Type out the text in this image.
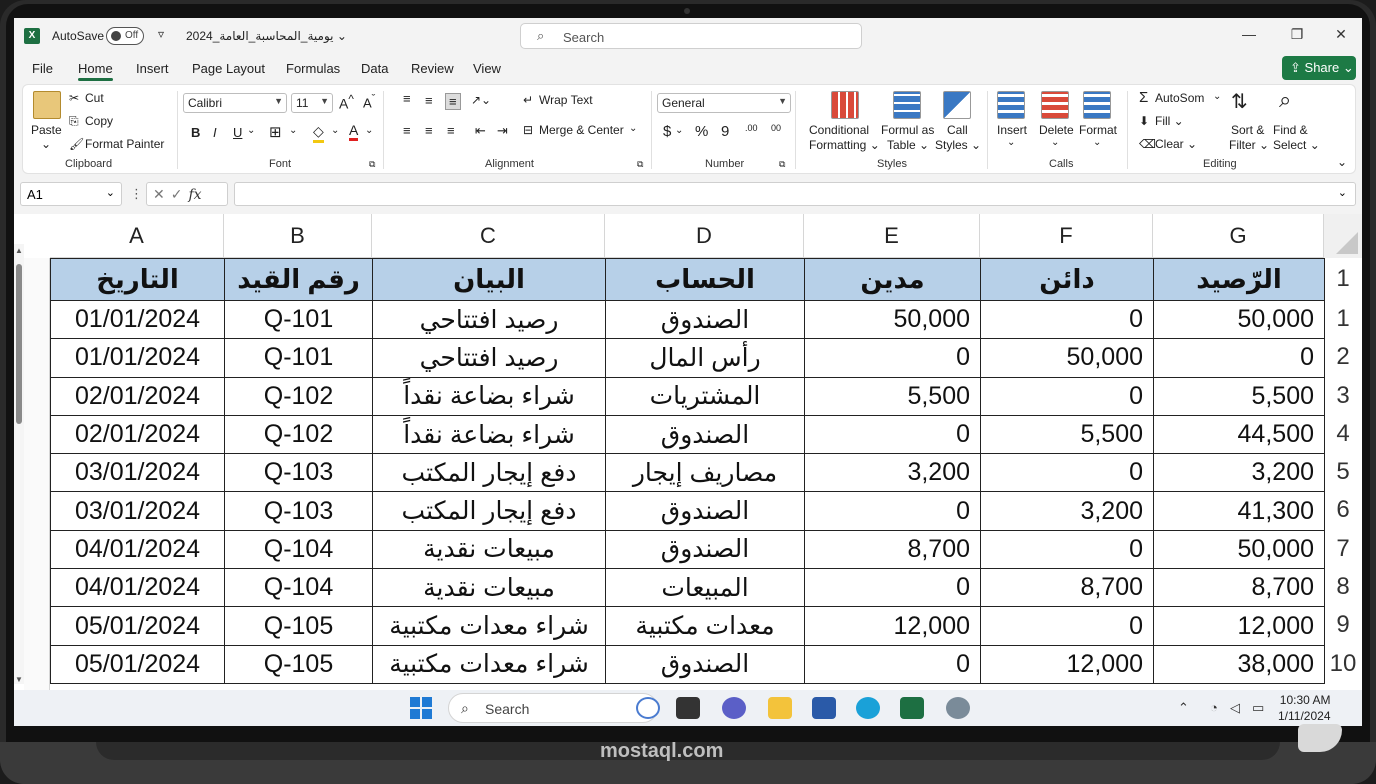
X	AutoSave Off ▿ يومية_المحاسبة_العامة_2024 ⌄	⌕ Search	—	❐	✕
File Home Insert Page Layout Formulas Data Review View	⇪ Share ⌄
Paste
⌄
✂ Cut
⎘ Copy
🖌 Format Painter
Clipboard
Calibri	▼	11 ▼ A^ $A^ˇ$
B I U ⌄ ⊞ ⌄ ◇ ⌄ A ⌄
Font	⧉
≡ ≡	≡	↗⌄
≡ ≡ ≡ ⇤ ⇥
↵ Wrap Text
⊟ Merge & Center ⌄
Alignment	⧉
General	▼
$ ⌄ % 9 .00 00
Number	⧉
Conditional
Formatting ⌄
Formul as
Table ⌄
Call
Styles ⌄
Styles
Insert
⌄
Delete
⌄
Format
⌄
Calls
Σ AutoSom ⌄
⬇ Fill ⌄
⌫ Clear ⌄
⇅
Sort &
Filter ⌄
⌕
Find &
Select ⌄
Editing	⌄
A1	⌄ ⋮ ✕✓fx	⌄
▲
▼
A	B	C	D	E	F	G
التاريخ	رقم القيد	البيان	الحساب	مدين	دائن	الرّصيد
01/01/2024	Q-101	رصيد افتتاحي	الصندوق	50,000	0	50,000
01/01/2024	Q-101	رصيد افتتاحي	رأس المال	0	50,000	0
02/01/2024	Q-102	شراء بضاعة نقداً	المشتريات	5,500	0	5,500
02/01/2024	Q-102	شراء بضاعة نقداً	الصندوق	0	5,500	44,500
03/01/2024	Q-103	دفع إيجار المكتب	مصاريف إيجار	3,200	0	3,200
03/01/2024	Q-103	دفع إيجار المكتب	الصندوق	0	3,200	41,300
04/01/2024	Q-104	مبيعات نقدية	الصندوق	8,700	0	50,000
04/01/2024	Q-104	مبيعات نقدية	المبيعات	0	8,700	8,700
05/01/2024	Q-105	شراء معدات مكتبية	معدات مكتبية	12,000	0	12,000
05/01/2024	Q-105	شراء معدات مكتبية	الصندوق	0	12,000	38,000
1
1
2
3
4
5
6
7
8
9
10
⌕ Search	⌃ ◔ ◁ ▭ 10:30 AM
1/11/2024
mostaql.com
